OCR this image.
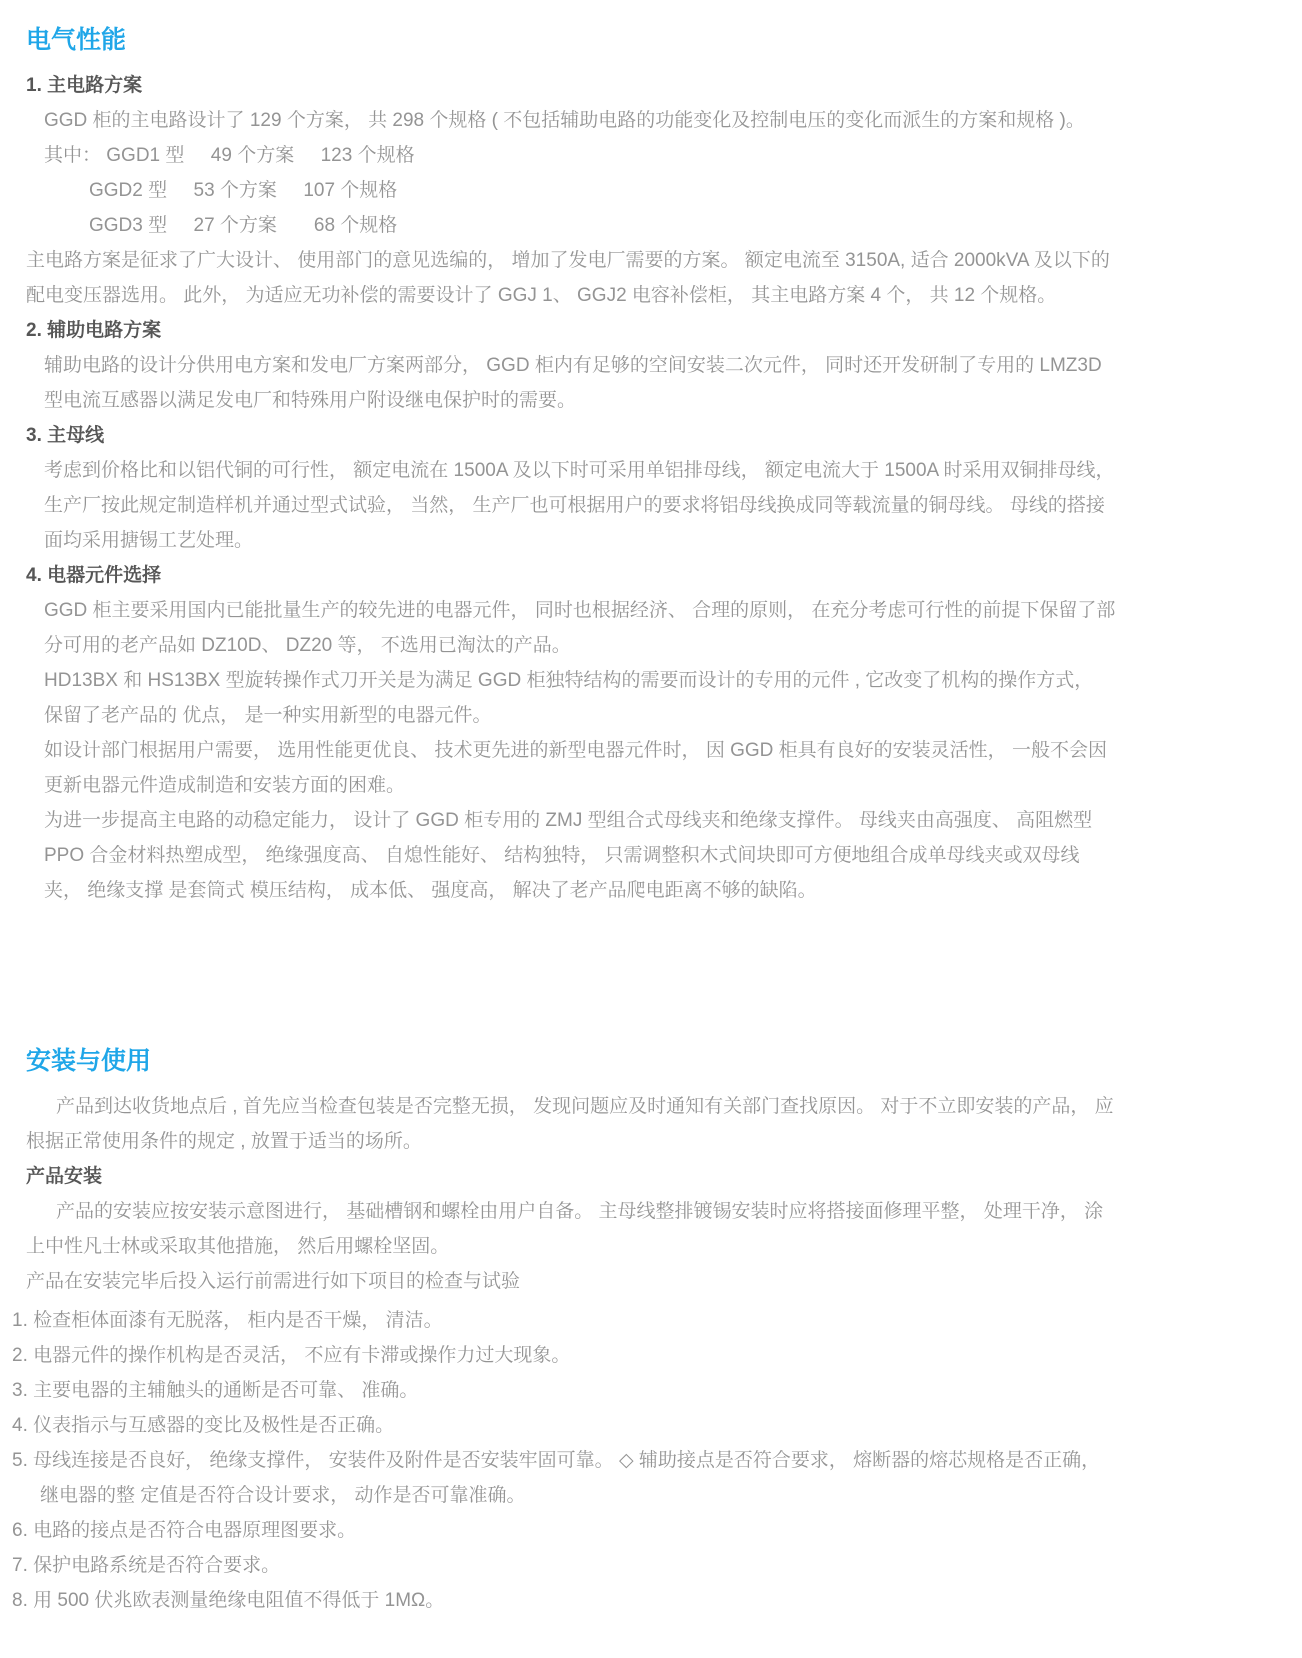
电气性能
1. 主电路方案

GGD 柜的主电路设计了 129 个方案， 共 298 个规格 ( 不包括辅助电路的功能变化及控制电压的变化而派生的方案和规格 )。

其中： GGD1 型     49 个方案     123 个规格

GGD2 型     53 个方案     107 个规格

GGD3 型     27 个方案       68 个规格

主电路方案是征求了广大设计、 使用部门的意见选编的， 增加了发电厂需要的方案。 额定电流至 3150A, 适合 2000kVA 及以下的配电变压器选用。 此外， 为适应无功补偿的需要设计了 GGJ 1、 GGJ2 电容补偿柜， 其主电路方案 4 个， 共 12 个规格。

2. 辅助电路方案

辅助电路的设计分供用电方案和发电厂方案两部分， GGD 柜内有足够的空间安装二次元件， 同时还开发研制了专用的 LMZ3D 型电流互感器以满足发电厂和特殊用户附设继电保护时的需要。

3. 主母线

考虑到价格比和以铝代铜的可行性， 额定电流在 1500A 及以下时可采用单铝排母线， 额定电流大于 1500A 时采用双铜排母线， 生产厂按此规定制造样机并通过型式试验， 当然， 生产厂也可根据用户的要求将铝母线换成同等载流量的铜母线。 母线的搭接面均采用搪锡工艺处理。

4. 电器元件选择

GGD 柜主要采用国内已能批量生产的较先进的电器元件， 同时也根据经济、 合理的原则， 在充分考虑可行性的前提下保留了部分可用的老产品如 DZ10D、 DZ20 等， 不选用已淘汰的产品。

HD13BX 和 HS13BX 型旋转操作式刀开关是为满足 GGD 柜独特结构的需要而设计的专用的元件 , 它改变了机构的操作方式， 保留了老产品的 优点， 是一种实用新型的电器元件。

如设计部门根据用户需要， 选用性能更优良、 技术更先进的新型电器元件时， 因 GGD 柜具有良好的安装灵活性， 一般不会因更新电器元件造成制造和安装方面的困难。

为进一步提高主电路的动稳定能力， 设计了 GGD 柜专用的 ZMJ 型组合式母线夹和绝缘支撑件。 母线夹由高强度、 高阻燃型 PPO 合金材料热塑成型， 绝缘强度高、 自熄性能好、 结构独特， 只需调整积木式间块即可方便地组合成单母线夹或双母线夹， 绝缘支撑 是套筒式 模压结构， 成本低、 强度高， 解决了老产品爬电距离不够的缺陷。

安装与使用

产品到达收货地点后 , 首先应当检查包装是否完整无损， 发现问题应及时通知有关部门查找原因。 对于不立即安装的产品， 应根据正常使用条件的规定 , 放置于适当的场所。

产品安装

产品的安装应按安装示意图进行， 基础槽钢和螺栓由用户自备。 主母线整排镀锡安装时应将搭接面修理平整， 处理干净， 涂上中性凡士林或采取其他措施， 然后用螺栓坚固。

产品在安装完毕后投入运行前需进行如下项目的检查与试验

1. 检查柜体面漆有无脱落， 柜内是否干燥， 清洁。

2. 电器元件的操作机构是否灵活， 不应有卡滞或操作力过大现象。

3. 主要电器的主辅触头的通断是否可靠、 准确。

4. 仪表指示与互感器的变比及极性是否正确。

5. 母线连接是否良好， 绝缘支撑件， 安装件及附件是否安装牢固可靠。 ◇ 辅助接点是否符合要求， 熔断器的熔芯规格是否正确， 继电器的整 定值是否符合设计要求， 动作是否可靠准确。

6. 电路的接点是否符合电器原理图要求。

7. 保护电路系统是否符合要求。

8. 用 500 伏兆欧表测量绝缘电阻值不得低于 1MΩ。
